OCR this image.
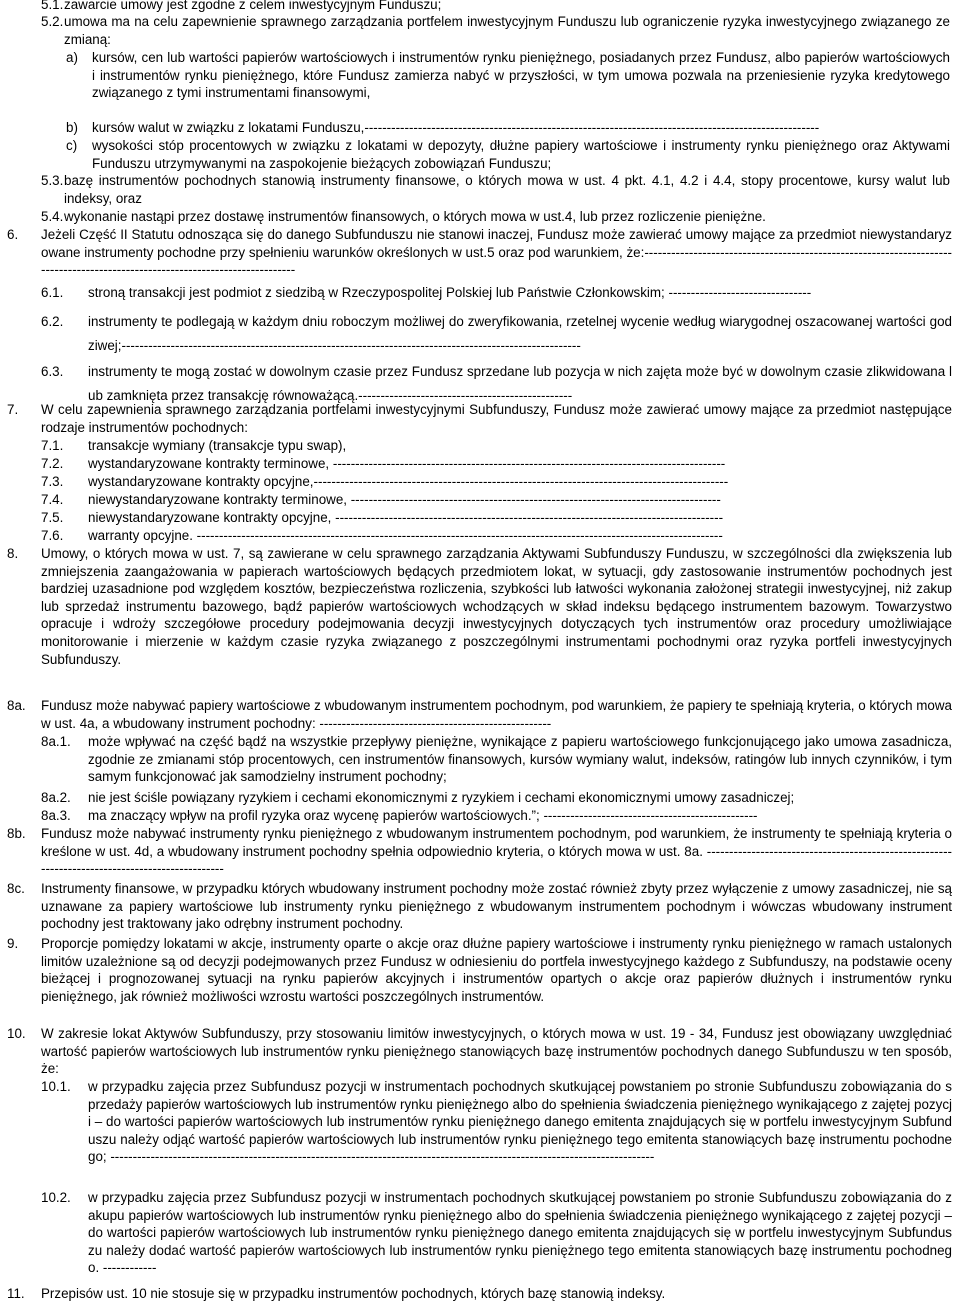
5.1. zawarcie umowy jest zgodne z celem inwestycyjnym Funduszu;
5.2. umowa ma na celu zapewnienie sprawnego zarządzania portfelem inwestycyjnym Funduszu lub ograniczenie ryzyka inwestycyjnego związanego ze zmianą:
a) kursów, cen lub wartości papierów wartościowych i instrumentów rynku pieniężnego, posiadanych przez Fundusz, albo papierów wartościowych i instrumentów rynku pieniężnego, które Fundusz zamierza nabyć w przyszłości, w tym umowa pozwala na przeniesienie ryzyka kredytowego związanego z tymi instrumentami finansowymi,
b) kursów walut w związku z lokatami Funduszu,------------------------------------------------------------------------------------------------------
c) wysokości stóp procentowych w związku z lokatami w depozyty, dłużne papiery wartościowe i instrumenty rynku pieniężnego oraz Aktywami Funduszu utrzymywanymi na zaspokojenie bieżących zobowiązań Funduszu;
5.3. bazę instrumentów pochodnych stanowią instrumenty finansowe, o których mowa w ust. 4 pkt. 4.1, 4.2 i 4.4, stopy procentowe, kursy walut lub indeksy, oraz
5.4. wykonanie nastąpi przez dostawę instrumentów finansowych, o których mowa w ust.4, lub przez rozliczenie pieniężne.
6. Jeżeli Część II Statutu odnosząca się do danego Subfunduszu nie stanowi inaczej, Fundusz może zawierać umowy mające za przedmiot niewystandaryzowane instrumenty pochodne przy spełnieniu warunków określonych w ust.5 oraz pod warunkiem, że:------------------------------------------------------------------------------------------------------------------------------
6.1. stroną transakcji jest podmiot z siedzibą w Rzeczypospolitej Polskiej lub Państwie Członkowskim; --------------------------------
6.2. instrumenty te podlegają w każdym dniu roboczym możliwej do zweryfikowania, rzetelnej wycenie według wiarygodnej oszacowanej wartości godziwej;-------------------------------------------------------------------------------------------------------
6.3. instrumenty te mogą zostać w dowolnym czasie przez Fundusz sprzedane lub pozycja w nich zajęta może być w dowolnym czasie zlikwidowana lub zamknięta przez transakcję równoważącą.------------------------------------------------
7. W celu zapewnienia sprawnego zarządzania portfelami inwestycyjnymi Subfunduszy, Fundusz może zawierać umowy mające za przedmiot następujące rodzaje instrumentów pochodnych:
7.1. transakcje wymiany (transakcje typu swap),
7.2. wystandaryzowane kontrakty terminowe, ----------------------------------------------------------------------------------------
7.3. wystandaryzowane kontrakty opcyjne,---------------------------------------------------------------------------------------------
7.4. niewystandaryzowane kontrakty terminowe, -----------------------------------------------------------------------------------
7.5. niewystandaryzowane kontrakty opcyjne, ---------------------------------------------------------------------------------------
7.6. warranty opcyjne. ----------------------------------------------------------------------------------------------------------------------
8. Umowy, o których mowa w ust. 7, są zawierane w celu sprawnego zarządzania Aktywami Subfunduszy Funduszu, w szczególności dla zwiększenia lub zmniejszenia zaangażowania w papierach wartościowych będących przedmiotem lokat, w sytuacji, gdy zastosowanie instrumentów pochodnych jest bardziej uzasadnione pod względem kosztów, bezpieczeństwa rozliczenia, szybkości lub łatwości wykonania założonej strategii inwestycyjnej, niż zakup lub sprzedaż instrumentu bazowego, bądź papierów wartościowych wchodzących w skład indeksu będącego instrumentem bazowym. Towarzystwo opracuje i wdroży szczegółowe procedury podejmowania decyzji inwestycyjnych dotyczących tych instrumentów oraz procedury umożliwiające monitorowanie i mierzenie w każdym czasie ryzyka związanego z poszczególnymi instrumentami pochodnymi oraz ryzyka portfeli inwestycyjnych Subfunduszy.
8a. Fundusz może nabywać papiery wartościowe z wbudowanym instrumentem pochodnym, pod warunkiem, że papiery te spełniają kryteria, o których mowa w ust. 4a, a wbudowany instrument pochodny: ----------------------------------------------------
8a.1. może wpływać na część bądź na wszystkie przepływy pieniężne, wynikające z papieru wartościowego funkcjonującego jako umowa zasadnicza, zgodnie ze zmianami stóp procentowych, cen instrumentów finansowych, kursów wymiany walut, indeksów, ratingów lub innych czynników, i tym samym funkcjonować jak samodzielny instrument pochodny;
8a.2. nie jest ściśle powiązany ryzykiem i cechami ekonomicznymi z ryzykiem i cechami ekonomicznymi umowy zasadniczej;
8a.3. ma znaczący wpływ na profil ryzyka oraz wycenę papierów wartościowych.”; ------------------------------------------------
8b. Fundusz może nabywać instrumenty rynku pieniężnego z wbudowanym instrumentem pochodnym, pod warunkiem, że instrumenty te spełniają kryteria określone w ust. 4d, a wbudowany instrument pochodny spełnia odpowiednio kryteria, o których mowa w ust. 8a. ------------------------------------------------------------------------------------------------
8c. Instrumenty finansowe, w przypadku których wbudowany instrument pochodny może zostać również zbyty przez wyłączenie z umowy zasadniczej, nie są uznawane za papiery wartościowe lub instrumenty rynku pieniężnego z wbudowanym instrumentem pochodnym i wówczas wbudowany instrument pochodny jest traktowany jako odrębny instrument pochodny.
9. Proporcje pomiędzy lokatami w akcje, instrumenty oparte o akcje oraz dłużne papiery wartościowe i instrumenty rynku pieniężnego w ramach ustalonych limitów uzależnione są od decyzji podejmowanych przez Fundusz w odniesieniu do portfela inwestycyjnego każdego z Subfunduszy, na podstawie oceny bieżącej i prognozowanej sytuacji na rynku papierów akcyjnych i instrumentów opartych o akcje oraz papierów dłużnych i instrumentów rynku pieniężnego, jak również możliwości wzrostu wartości poszczególnych instrumentów.
10. W zakresie lokat Aktywów Subfunduszy, przy stosowaniu limitów inwestycyjnych, o których mowa w ust. 19 - 34, Fundusz jest obowiązany uwzględniać wartość papierów wartościowych lub instrumentów rynku pieniężnego stanowiących bazę instrumentów pochodnych danego Subfunduszu w ten sposób, że:
10.1. w przypadku zajęcia przez Subfundusz pozycji w instrumentach pochodnych skutkującej powstaniem po stronie Subfunduszu zobowiązania do sprzedaży papierów wartościowych lub instrumentów rynku pieniężnego albo do spełnienia świadczenia pieniężnego wynikającego z zajętej pozycji – do wartości papierów wartościowych lub instrumentów rynku pieniężnego danego emitenta znajdujących się w portfelu inwestycyjnym Subfunduszu należy odjąć wartość papierów wartościowych lub instrumentów rynku pieniężnego tego emitenta stanowiących bazę instrumentu pochodnego; --------------------------------------------------------------------------------------------------------------------------
10.2. w przypadku zajęcia przez Subfundusz pozycji w instrumentach pochodnych skutkującej powstaniem po stronie Subfunduszu zobowiązania do zakupu papierów wartościowych lub instrumentów rynku pieniężnego albo do spełnienia świadczenia pieniężnego wynikającego z zajętej pozycji – do wartości papierów wartościowych lub instrumentów rynku pieniężnego danego emitenta znajdujących się w portfelu inwestycyjnym Subfunduszu należy dodać wartość papierów wartościowych lub instrumentów rynku pieniężnego tego emitenta stanowiących bazę instrumentu pochodnego. ------------
11. Przepisów ust. 10 nie stosuje się w przypadku instrumentów pochodnych, których bazę stanowią indeksy.
